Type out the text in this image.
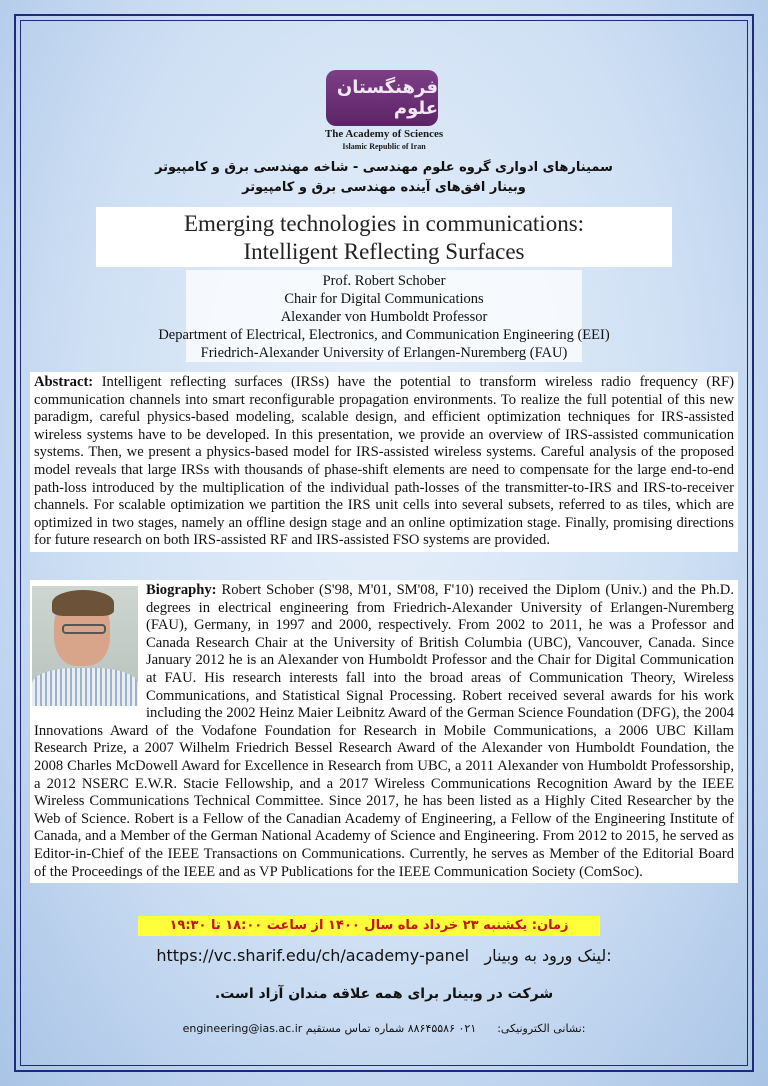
فرهنگستان علوم
The Academy of Sciences
Islamic Republic of Iran
سمینارهای ادواری گروه علوم مهندسی - شاخه مهندسی برق و کامپیوتر
وبینار افق‌های آینده مهندسی برق و کامپیوتر
Emerging technologies in communications:
Intelligent Reflecting Surfaces
Prof. Robert Schober
Chair for Digital Communications
Alexander von Humboldt Professor
Department of Electrical, Electronics, and Communication Engineering (EEI)
Friedrich-Alexander University of Erlangen-Nuremberg (FAU)
Abstract: Intelligent reflecting surfaces (IRSs) have the potential to transform wireless radio frequency (RF) communication channels into smart reconfigurable propagation environments. To realize the full potential of this new paradigm, careful physics-based modeling, scalable design, and efficient optimization techniques for IRS-assisted wireless systems have to be developed. In this presentation, we provide an overview of IRS-assisted communication systems. Then, we present a physics-based model for IRS-assisted wireless systems. Careful analysis of the proposed model reveals that large IRSs with thousands of phase-shift elements are need to compensate for the large end-to-end path-loss introduced by the multiplication of the individual path-losses of the transmitter-to-IRS and IRS-to-receiver channels. For scalable optimization we partition the IRS unit cells into several subsets, referred to as tiles, which are optimized in two stages, namely an offline design stage and an online optimization stage. Finally, promising directions for future research on both IRS-assisted RF and IRS-assisted FSO systems are provided.
Biography: Robert Schober (S'98, M'01, SM'08, F'10) received the Diplom (Univ.) and the Ph.D. degrees in electrical engineering from Friedrich-Alexander University of Erlangen-Nuremberg (FAU), Germany, in 1997 and 2000, respectively. From 2002 to 2011, he was a Professor and Canada Research Chair at the University of British Columbia (UBC), Vancouver, Canada. Since January 2012 he is an Alexander von Humboldt Professor and the Chair for Digital Communication at FAU. His research interests fall into the broad areas of Communication Theory, Wireless Communications, and Statistical Signal Processing. Robert received several awards for his work including the 2002 Heinz Maier Leibnitz Award of the German Science Foundation (DFG), the 2004 Innovations Award of the Vodafone Foundation for Research in Mobile Communications, a 2006 UBC Killam Research Prize, a 2007 Wilhelm Friedrich Bessel Research Award of the Alexander von Humboldt Foundation, the 2008 Charles McDowell Award for Excellence in Research from UBC, a 2011 Alexander von Humboldt Professorship, a 2012 NSERC E.W.R. Stacie Fellowship, and a 2017 Wireless Communications Recognition Award by the IEEE Wireless Communications Technical Committee. Since 2017, he has been listed as a Highly Cited Researcher by the Web of Science. Robert is a Fellow of the Canadian Academy of Engineering, a Fellow of the Engineering Institute of Canada, and a Member of the German National Academy of Science and Engineering. From 2012 to 2015, he served as Editor-in-Chief of the IEEE Transactions on Communications. Currently, he serves as Member of the Editorial Board of the Proceedings of the IEEE and as VP Publications for the IEEE Communication Society (ComSoc).
زمان: یکشنبه ۲۳ خرداد ماه سال ۱۴۰۰ از ساعت ۱۸:۰۰ تا ۱۹:۳۰
https://vc.sharif.edu/ch/academy-panel لینک ورود به وبینار:
شرکت در وبینار برای همه علاقه مندان آزاد است.
engineering@ias.ac.ir	نشانی الکترونیکی:      ۰۲۱ ۸۸۶۴۵۵۸۶ شماره تماس مستقیم:
